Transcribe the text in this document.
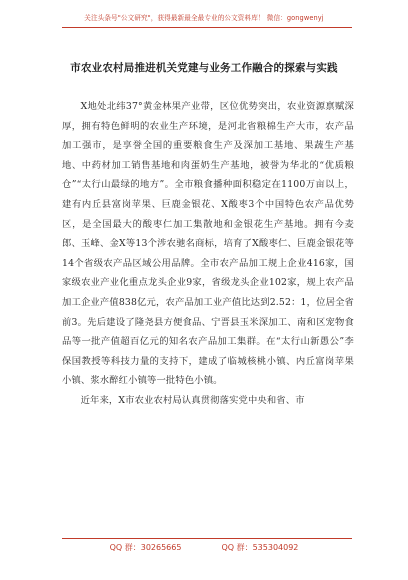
关注头条号"公文研究"，获得最新最全最专业的公文资料库！ 微信：gongwenyj
市农业农村局推进机关党建与业务工作融合的探索与实践

X地处北纬37°黄金林果产业带，区位优势突出，农业资源禀赋深厚，拥有特色鲜明的农业生产环境，是河北省粮棉生产大市，农产品加工强市，是享誉全国的重要粮食生产及深加工基地、果蔬生产基地、中药材加工销售基地和肉蛋奶生产基地，被誉为华北的“优质粮仓”“太行山最绿的地方”。全市粮食播种面积稳定在1100万亩以上，建有内丘县富岗苹果、巨鹿金银花、X酸枣3个中国特色农产品优势区，是全国最大的酸枣仁加工集散地和金银花生产基地。拥有今麦郎、玉峰、金X等13个涉农驰名商标，培育了X酸枣仁、巨鹿金银花等14个省级农产品区域公用品牌。全市农产品加工规上企业416家，国家级农业产业化重点龙头企业9家，省级龙头企业102家，规上农产品加工企业产值838亿元，农产品加工业产值比达到2.52：1，位居全省前3。先后建设了隆尧县方便食品、宁晋县玉米深加工、南和区宠物食品等一批产值超百亿元的知名农产品加工集群。在“太行山新愚公”李保国教授等科技力量的支持下，建成了临城核桃小镇、内丘富岗苹果小镇、浆水醉红小镇等一批特色小镇。

近年来，X市农业农村局认真贯彻落实党中央和省、市

QQ 群：30265665	QQ 群：535304092
